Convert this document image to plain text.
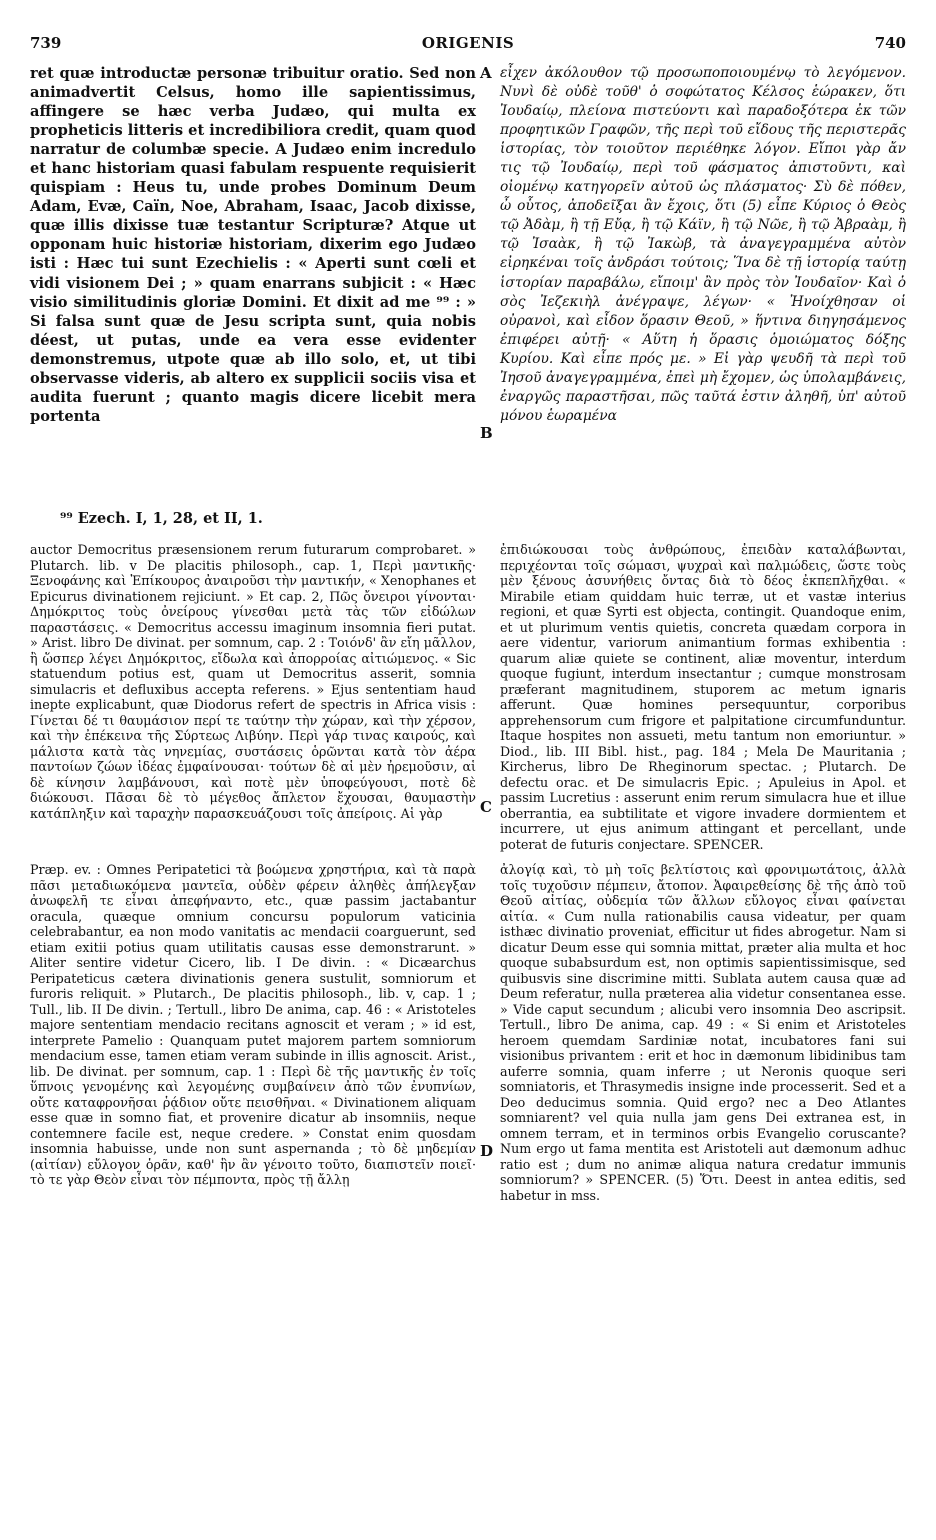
739	ORIGENIS	740

ret quæ introductæ personæ tribuitur oratio. Sed non animadvertit Celsus, homo ille sapientissimus, affingere se hæc verba Judæo, qui multa ex propheticis litteris et incredibiliora credit, quam quod narratur de columbæ specie. A Judæo enim incredulo et hanc historiam quasi fabulam respuente requisierit quispiam : Heus tu, unde probes Dominum Deum Adam, Evæ, Caïn, Noe, Abraham, Isaac, Jacob dixisse, quæ illis dixisse tuæ testantur Scripturæ? Atque ut opponam huic historiæ historiam, dixerim ego Judæo isti : Hæc tui sunt Ezechielis : « Aperti sunt cœli et vidi visionem Dei ; » quam enarrans subjicit : « Hæc visio similitudinis gloriæ Domini. Et dixit ad me ⁹⁹ : » Si falsa sunt quæ de Jesu scripta sunt, quia nobis déest, ut putas, unde ea vera esse evidenter demonstremus, utpote quæ ab illo solo, et, ut tibi observasse videris, ab altero ex supplicii sociis visa et audita fuerunt ; quanto magis dicere licebit mera portenta

εἶχεν ἀκόλουθον τῷ προσωποποιουμένῳ τὸ λεγόμενον. Νυνὶ δὲ οὐδὲ τοῦθ' ὁ σοφώτατος Κέλσος ἑώρακεν, ὅτι Ἰουδαίῳ, πλείονα πιστεύοντι καὶ παραδοξότερα ἐκ τῶν προφητικῶν Γραφῶν, τῆς περὶ τοῦ εἴδους τῆς περιστερᾶς ἱστορίας, τὸν τοιοῦτον περιέθηκε λόγον. Εἴποι γὰρ ἄν τις τῷ Ἰουδαίῳ, περὶ τοῦ φάσματος ἀπιστοῦντι, καὶ οἰομένῳ κατηγορεῖν αὐτοῦ ὡς πλάσματος· Σὺ δὲ πόθεν, ὦ οὗτος, ἀποδεῖξαι ἂν ἔχοις, ὅτι (5) εἶπε Κύριος ὁ Θεὸς τῷ Ἀδὰμ, ἢ τῇ Εὔᾳ, ἢ τῷ Κάϊν, ἢ τῷ Νῶε, ἢ τῷ Ἀβραὰμ, ἢ τῷ Ἰσαὰκ, ἢ τῷ Ἰακὼβ, τὰ ἀναγεγραμμένα αὐτὸν εἰρηκέναι τοῖς ἀνδράσι τούτοις; Ἵνα δὲ τῇ ἱστορίᾳ ταύτῃ ἱστορίαν παραβάλω, εἴποιμ' ἂν πρὸς τὸν Ἰουδαῖον· Καὶ ὁ σὸς Ἰεζεκιὴλ ἀνέγραψε, λέγων· « Ἠνοίχθησαν οἱ οὐρανοὶ, καὶ εἶδον ὅρασιν Θεοῦ, » ἥντινα διηγησάμενος ἐπιφέρει αὐτῇ· « Αὕτη ἡ ὅρασις ὁμοιώματος δόξης Κυρίου. Καὶ εἶπε πρός με. » Εἰ γὰρ ψευδῆ τὰ περὶ τοῦ Ἰησοῦ ἀναγεγραμμένα, ἐπεὶ μὴ ἔχομεν, ὡς ὑπολαμβάνεις, ἐναργῶς παραστῆσαι, πῶς ταῦτά ἐστιν ἀληθῆ, ὑπ' αὐτοῦ μόνου ἑωραμένα

A
B
C
D
⁹⁹ Ezech. I, 1, 28, et II, 1.

auctor Democritus præsensionem rerum futurarum comprobaret. » Plutarch. lib. v De placitis philosoph., cap. 1, Περὶ μαντικῆς· Ξενοφάνης καὶ Ἐπίκουρος ἀναιροῦσι τὴν μαντικήν, « Xenophanes et Epicurus divinationem rejiciunt. » Et cap. 2, Πῶς ὄνειροι γίνονται· Δημόκριτος τοὺς ὀνείρους γίνεσθαι μετὰ τὰς τῶν εἰδώλων παραστάσεις. « Democritus accessu imaginum insomnia fieri putat. » Arist. libro De divinat. per somnum, cap. 2 : Τοιόνδ' ἂν εἴη μᾶλλον, ἢ ὥσπερ λέγει Δημόκριτος, εἴδωλα καὶ ἀπορροίας αἰτιώμενος. « Sic statuendum potius est, quam ut Democritus asserit, somnia simulacris et defluxibus accepta referens. » Ejus sententiam haud inepte explicabunt, quæ Diodorus refert de spectris in Africa visis : Γίνεται δέ τι θαυμάσιον περί τε ταύτην τὴν χώραν, καὶ τὴν χέρσον, καὶ τὴν ἐπέκεινα τῆς Σύρτεως Λιβύην. Περὶ γάρ τινας καιρούς, καὶ μάλιστα κατὰ τὰς νηνεμίας, συστάσεις ὁρῶνται κατὰ τὸν ἀέρα παντοίων ζώων ἰδέας ἐμφαίνουσαι· τούτων δὲ αἱ μὲν ἠρεμοῦσιν, αἱ δὲ κίνησιν λαμβάνουσι, καὶ ποτὲ μὲν ὑποφεύγουσι, ποτὲ δὲ διώκουσι. Πᾶσαι δὲ τὸ μέγεθος ἄπλετον ἔχουσαι, θαυμαστὴν κατάπληξιν καὶ ταραχὴν παρασκευάζουσι τοῖς ἀπείροις. Αἱ γὰρ

ἐπιδιώκουσαι τοὺς ἀνθρώπους, ἐπειδὰν καταλάβωνται, περιχέονται τοῖς σώμασι, ψυχραὶ καὶ παλμώδεις, ὥστε τοὺς μὲν ξένους ἀσυνήθεις ὄντας διὰ τὸ δέος ἐκπεπλῆχθαι. « Mirabile etiam quiddam huic terræ, ut et vastæ interius regioni, et quæ Syrti est objecta, contingit. Quandoque enim, et ut plurimum ventis quietis, concreta quædam corpora in aere videntur, variorum animantium formas exhibentia : quarum aliæ quiete se continent, aliæ moventur, interdum quoque fugiunt, interdum insectantur ; cumque monstrosam præferant magnitudinem, stuporem ac metum ignaris afferunt. Quæ homines persequuntur, corporibus apprehensorum cum frigore et palpitatione circumfunduntur. Itaque hospites non assueti, metu tantum non emoriuntur. » Diod., lib. III Bibl. hist., pag. 184 ; Mela De Mauritania ; Kircherus, libro De Rheginorum spectac. ; Plutarch. De defectu orac. et De simulacris Epic. ; Apuleius in Apol. et passim Lucretius : asserunt enim rerum simulacra hue et illue oberrantia, ea subtilitate et vigore invadere dormientem et incurrere, ut ejus animum attingant et percellant, unde poterat de futuris conjectare. SPENCER.

Præp. ev. : Omnes Peripatetici τὰ βοώμενα χρηστήρια, καὶ τὰ παρὰ πᾶσι μεταδιωκόμενα μαντεῖα, οὐδὲν φέρειν ἀληθὲς ἀπήλεγξαν ἀνωφελῆ τε εἶναι ἀπεφήναντο, etc., quæ passim jactabantur oracula, quæque omnium concursu populorum vaticinia celebrabantur, ea non modo vanitatis ac mendacii coarguerunt, sed etiam exitii potius quam utilitatis causas esse demonstrarunt. » Aliter sentire videtur Cicero, lib. I De divin. : « Dicæarchus Peripateticus cætera divinationis genera sustulit, somniorum et furoris reliquit. » Plutarch., De placitis philosoph., lib. v, cap. 1 ; Tull., lib. II De divin. ; Tertull., libro De anima, cap. 46 : « Aristoteles majore sententiam mendacio recitans agnoscit et veram ; » id est, interprete Pamelio : Quanquam putet majorem partem somniorum mendacium esse, tamen etiam veram subinde in illis agnoscit. Arist., lib. De divinat. per somnum, cap. 1 : Περὶ δὲ τῆς μαντικῆς ἐν τοῖς ὕπνοις γενομένης καὶ λεγομένης συμβαίνειν ἀπὸ τῶν ἐνυπνίων, οὔτε καταφρονῆσαι ῥᾴδιον οὔτε πεισθῆναι. « Divinationem aliquam esse quæ in somno fiat, et provenire dicatur ab insomniis, neque contemnere facile est, neque credere. » Constat enim quosdam insomnia habuisse, unde non sunt aspernanda ; τὸ δὲ μηδεμίαν (αἰτίαν) εὔλογον ὁρᾶν, καθ' ἣν ἂν γένοιτο τοῦτο, διαπιστεῖν ποιεῖ· τὸ τε γὰρ Θεὸν εἶναι τὸν πέμποντα, πρὸς τῇ ἄλλῃ

ἀλογίᾳ καὶ, τὸ μὴ τοῖς βελτίστοις καὶ φρονιμωτάτοις, ἀλλὰ τοῖς τυχοῦσιν πέμπειν, ἄτοπον. Ἀφαιρεθείσης δὲ τῆς ἀπὸ τοῦ Θεοῦ αἰτίας, οὐδεμία τῶν ἄλλων εὔλογος εἶναι φαίνεται αἰτία. « Cum nulla rationabilis causa videatur, per quam isthæc divinatio proveniat, efficitur ut fides abrogetur. Nam si dicatur Deum esse qui somnia mittat, præter alia multa et hoc quoque subabsurdum est, non optimis sapientissimisque, sed quibusvis sine discrimine mitti. Sublata autem causa quæ ad Deum referatur, nulla præterea alia videtur consentanea esse. » Vide caput secundum ; alicubi vero insomnia Deo ascripsit. Tertull., libro De anima, cap. 49 : « Si enim et Aristoteles heroem quemdam Sardiniæ notat, incubatores fani sui visionibus privantem : erit et hoc in dæmonum libidinibus tam auferre somnia, quam inferre ; ut Neronis quoque seri somniatoris, et Thrasymedis insigne inde processerit. Sed et a Deo deducimus somnia. Quid ergo? nec a Deo Atlantes somniarent? vel quia nulla jam gens Dei extranea est, in omnem terram, et in terminos orbis Evangelio coruscante? Num ergo ut fama mentita est Aristoteli aut dæmonum adhuc ratio est ; dum no animæ aliqua natura credatur immunis somniorum? » SPENCER. (5) Ὅτι. Deest in antea editis, sed habetur in mss.
